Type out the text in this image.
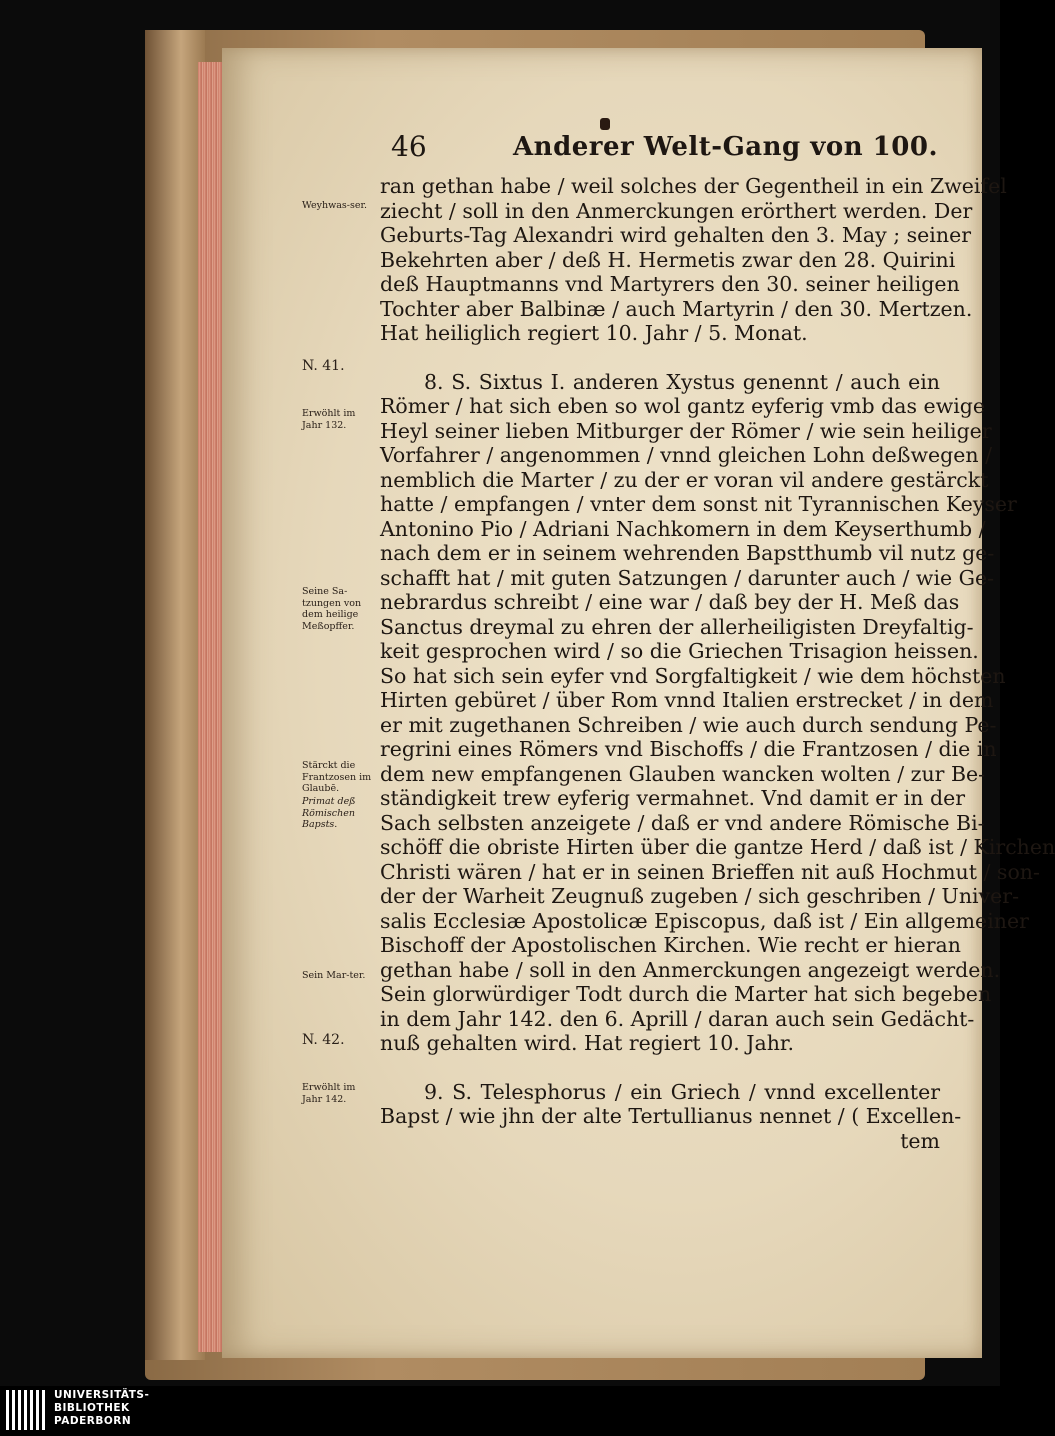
46	Anderer Welt-Gang von 100.
ran gethan habe / weil solches der Gegentheil in ein Zweifel
ziecht / soll in den Anmerckungen erörthert werden. Der
Geburts-Tag Alexandri wird gehalten den 3. May ; seiner
Bekehrten aber / deß H. Hermetis zwar den 28. Quirini
deß Hauptmanns vnd Martyrers den 30. seiner heiligen
Tochter aber Balbinæ / auch Martyrin / den 30. Mertzen.
Hat heiliglich regiert 10. Jahr / 5. Monat.
8. S. Sixtus I. anderen Xystus genennt / auch ein
Römer / hat sich eben so wol gantz eyferig vmb das ewige
Heyl seiner lieben Mitburger der Römer / wie sein heiliger
Vorfahrer / angenommen / vnnd gleichen Lohn deßwegen /
nemblich die Marter / zu der er voran vil andere gestärckt
hatte / empfangen / vnter dem sonst nit Tyrannischen Keyser
Antonino Pio / Adriani Nachkomern in dem Keyserthumb /
nach dem er in seinem wehrenden Bapstthumb vil nutz ge-
schafft hat / mit guten Satzungen / darunter auch / wie Ge-
nebrardus schreibt / eine war / daß bey der H. Meß das
Sanctus dreymal zu ehren der allerheiligisten Dreyfaltig-
keit gesprochen wird / so die Griechen Trisagion heissen.
So hat sich sein eyfer vnd Sorgfaltigkeit / wie dem höchsten
Hirten gebüret / über Rom vnnd Italien erstrecket / in dem
er mit zugethanen Schreiben / wie auch durch sendung Pe-
regrini eines Römers vnd Bischoffs / die Frantzosen / die in
dem new empfangenen Glauben wancken wolten / zur Be-
ständigkeit trew eyferig vermahnet. Vnd damit er in der
Sach selbsten anzeigete / daß er vnd andere Römische Bi-
schöff die obriste Hirten über die gantze Herd / daß ist / Kirchen
Christi wären / hat er in seinen Brieffen nit auß Hochmut / son-
der der Warheit Zeugnuß zugeben / sich geschriben / Univer-
salis Ecclesiæ Apostolicæ Episcopus, daß ist / Ein allgemeiner
Bischoff der Apostolischen Kirchen. Wie recht er hieran
gethan habe / soll in den Anmerckungen angezeigt werden.
Sein glorwürdiger Todt durch die Marter hat sich begeben
in dem Jahr 142. den 6. Aprill / daran auch sein Gedächt-
nuß gehalten wird. Hat regiert 10. Jahr.
9. S. Telesphorus / ein Griech / vnnd excellenter
Bapst / wie jhn der alte Tertullianus nennet / ( Excellen-
tem
Weyhwas-ser.
N. 41.
Erwöhlt im Jahr 132.
Seine Sa-tzungen von dem heilige Meßopffer.
Stärckt die Frantzosen im Glaubē.
Primat deß Römischen Bapsts.
Sein Mar-ter.
N. 42.
Erwöhlt im Jahr 142.
UNIVERSITÄTS-
BIBLIOTHEK
PADERBORN
